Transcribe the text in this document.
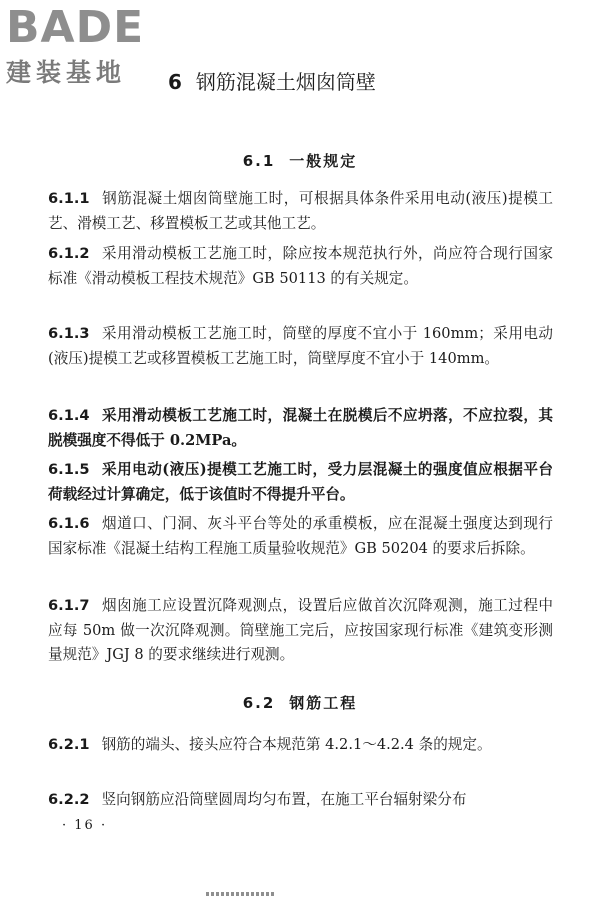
BADE
建装基地	6 钢筋混凝土烟囱筒壁
6.1 一般规定

6.1.1 钢筋混凝土烟囱筒壁施工时，可根据具体条件采用电动(液压)提模工艺、滑模工艺、移置模板工艺或其他工艺。

6.1.2 采用滑动模板工艺施工时，除应按本规范执行外，尚应符合现行国家标准《滑动模板工程技术规范》GB 50113 的有关规定。

6.1.3 采用滑动模板工艺施工时，筒壁的厚度不宜小于 160mm；采用电动(液压)提模工艺或移置模板工艺施工时，筒壁厚度不宜小于 140mm。

6.1.4 采用滑动模板工艺施工时，混凝土在脱模后不应坍落，不应拉裂，其脱模强度不得低于 0.2MPa。

6.1.5 采用电动(液压)提模工艺施工时，受力层混凝土的强度值应根据平台荷载经过计算确定，低于该值时不得提升平台。

6.1.6 烟道口、门洞、灰斗平台等处的承重模板，应在混凝土强度达到现行国家标准《混凝土结构工程施工质量验收规范》GB 50204 的要求后拆除。

6.1.7 烟囱施工应设置沉降观测点，设置后应做首次沉降观测，施工过程中应每 50m 做一次沉降观测。筒壁施工完后，应按国家现行标准《建筑变形测量规范》JGJ 8 的要求继续进行观测。

6.2 钢筋工程

6.2.1 钢筋的端头、接头应符合本规范第 4.2.1～4.2.4 条的规定。

6.2.2 竖向钢筋应沿筒壁圆周均匀布置，在施工平台辐射梁分布

· 16 ·
